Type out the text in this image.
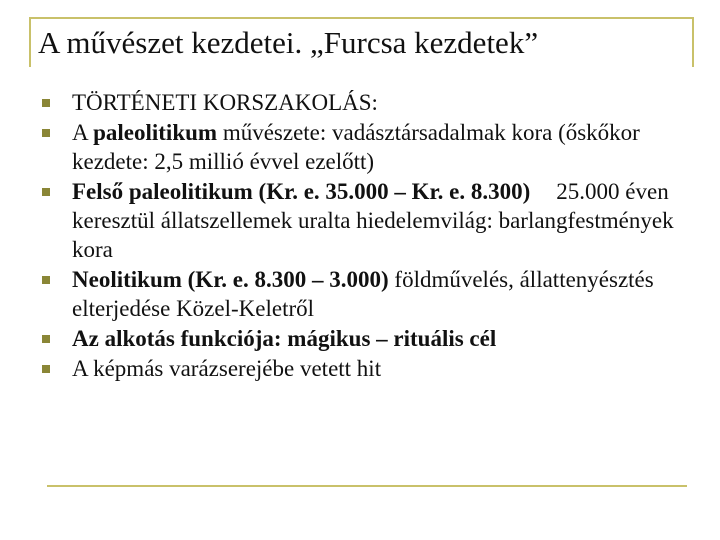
A művészet kezdetei. „Furcsa kezdetek”
TÖRTÉNETI KORSZAKOLÁS:
A paleolitikum művészete: vadásztársadalmak kora (őskőkor kezdete: 2,5 millió évvel ezelőtt)
Felső paleolitikum (Kr. e. 35.000 – Kr. e. 8.300) 25.000 éven keresztül állatszellemek uralta hiedelemvilág: barlangfestmények kora
Neolitikum (Kr. e. 8.300 – 3.000) földművelés, állattenyésztés elterjedése Közel-Keletről
Az alkotás funkciója: mágikus – rituális cél
A képmás varázserejébe vetett hit
